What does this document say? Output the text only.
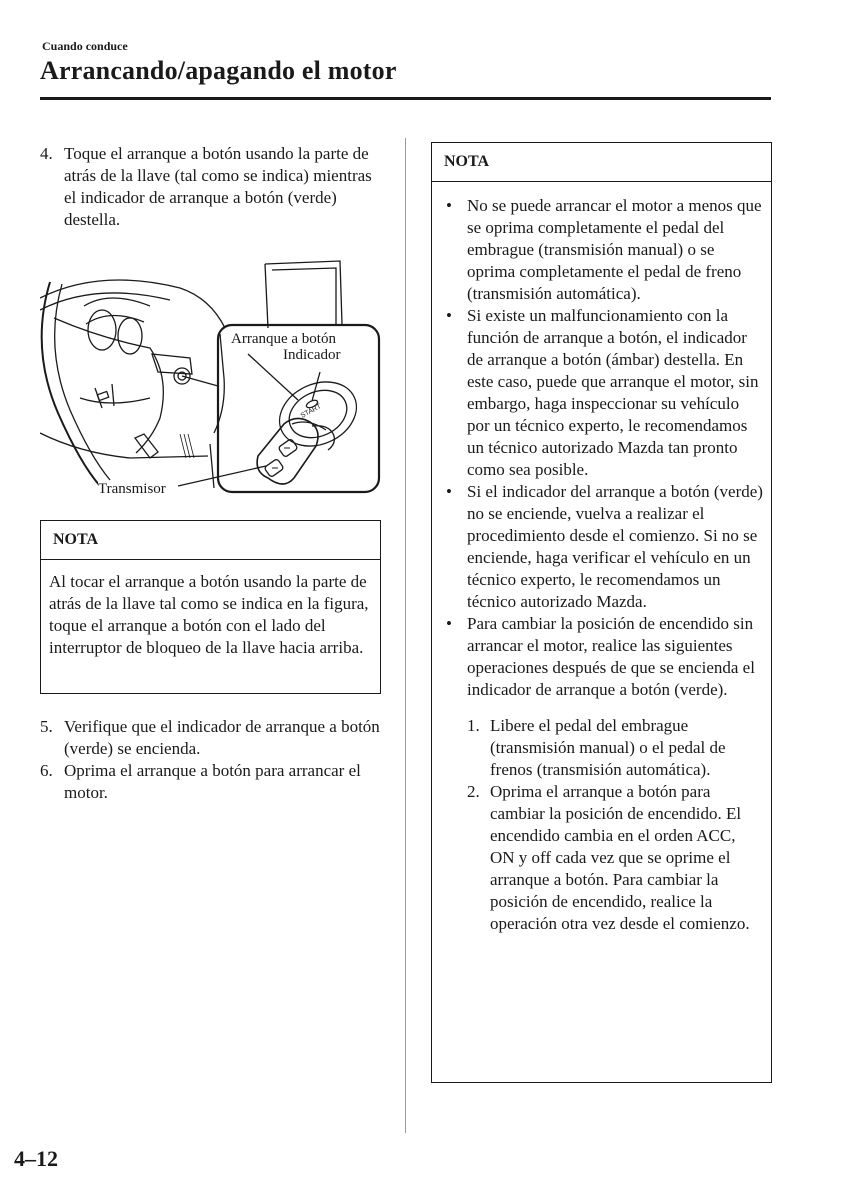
Cuando conduce
Arrancando/apagando el motor
4. Toque el arranque a botón usando la parte de atrás de la llave (tal como se indica) mientras el indicador de arranque a botón (verde) destella.
START
Arranque a botón
Indicador
Transmisor
NOTA
Al tocar el arranque a botón usando la parte de atrás de la llave tal como se indica en la figura, toque el arranque a botón con el lado del interruptor de bloqueo de la llave hacia arriba.
5. Verifique que el indicador de arranque a botón (verde) se encienda.
6. Oprima el arranque a botón para arrancar el motor.
NOTA
• No se puede arrancar el motor a menos que se oprima completamente el pedal del embrague (transmisión manual) o se oprima completamente el pedal de freno (transmisión automática).
• Si existe un malfuncionamiento con la función de arranque a botón, el indicador de arranque a botón (ámbar) destella. En este caso, puede que arranque el motor, sin embargo, haga inspeccionar su vehículo por un técnico experto, le recomendamos un técnico autorizado Mazda tan pronto como sea posible.
• Si el indicador del arranque a botón (verde) no se enciende, vuelva a realizar el procedimiento desde el comienzo. Si no se enciende, haga verificar el vehículo en un técnico experto, le recomendamos un técnico autorizado Mazda.
• Para cambiar la posición de encendido sin arrancar el motor, realice las siguientes operaciones después de que se encienda el indicador de arranque a botón (verde).
1. Libere el pedal del embrague (transmisión manual) o el pedal de frenos (transmisión automática).
2. Oprima el arranque a botón para cambiar la posición de encendido. El encendido cambia en el orden ACC, ON y off cada vez que se oprime el arranque a botón. Para cambiar la posición de encendido, realice la operación otra vez desde el comienzo.
4–12
